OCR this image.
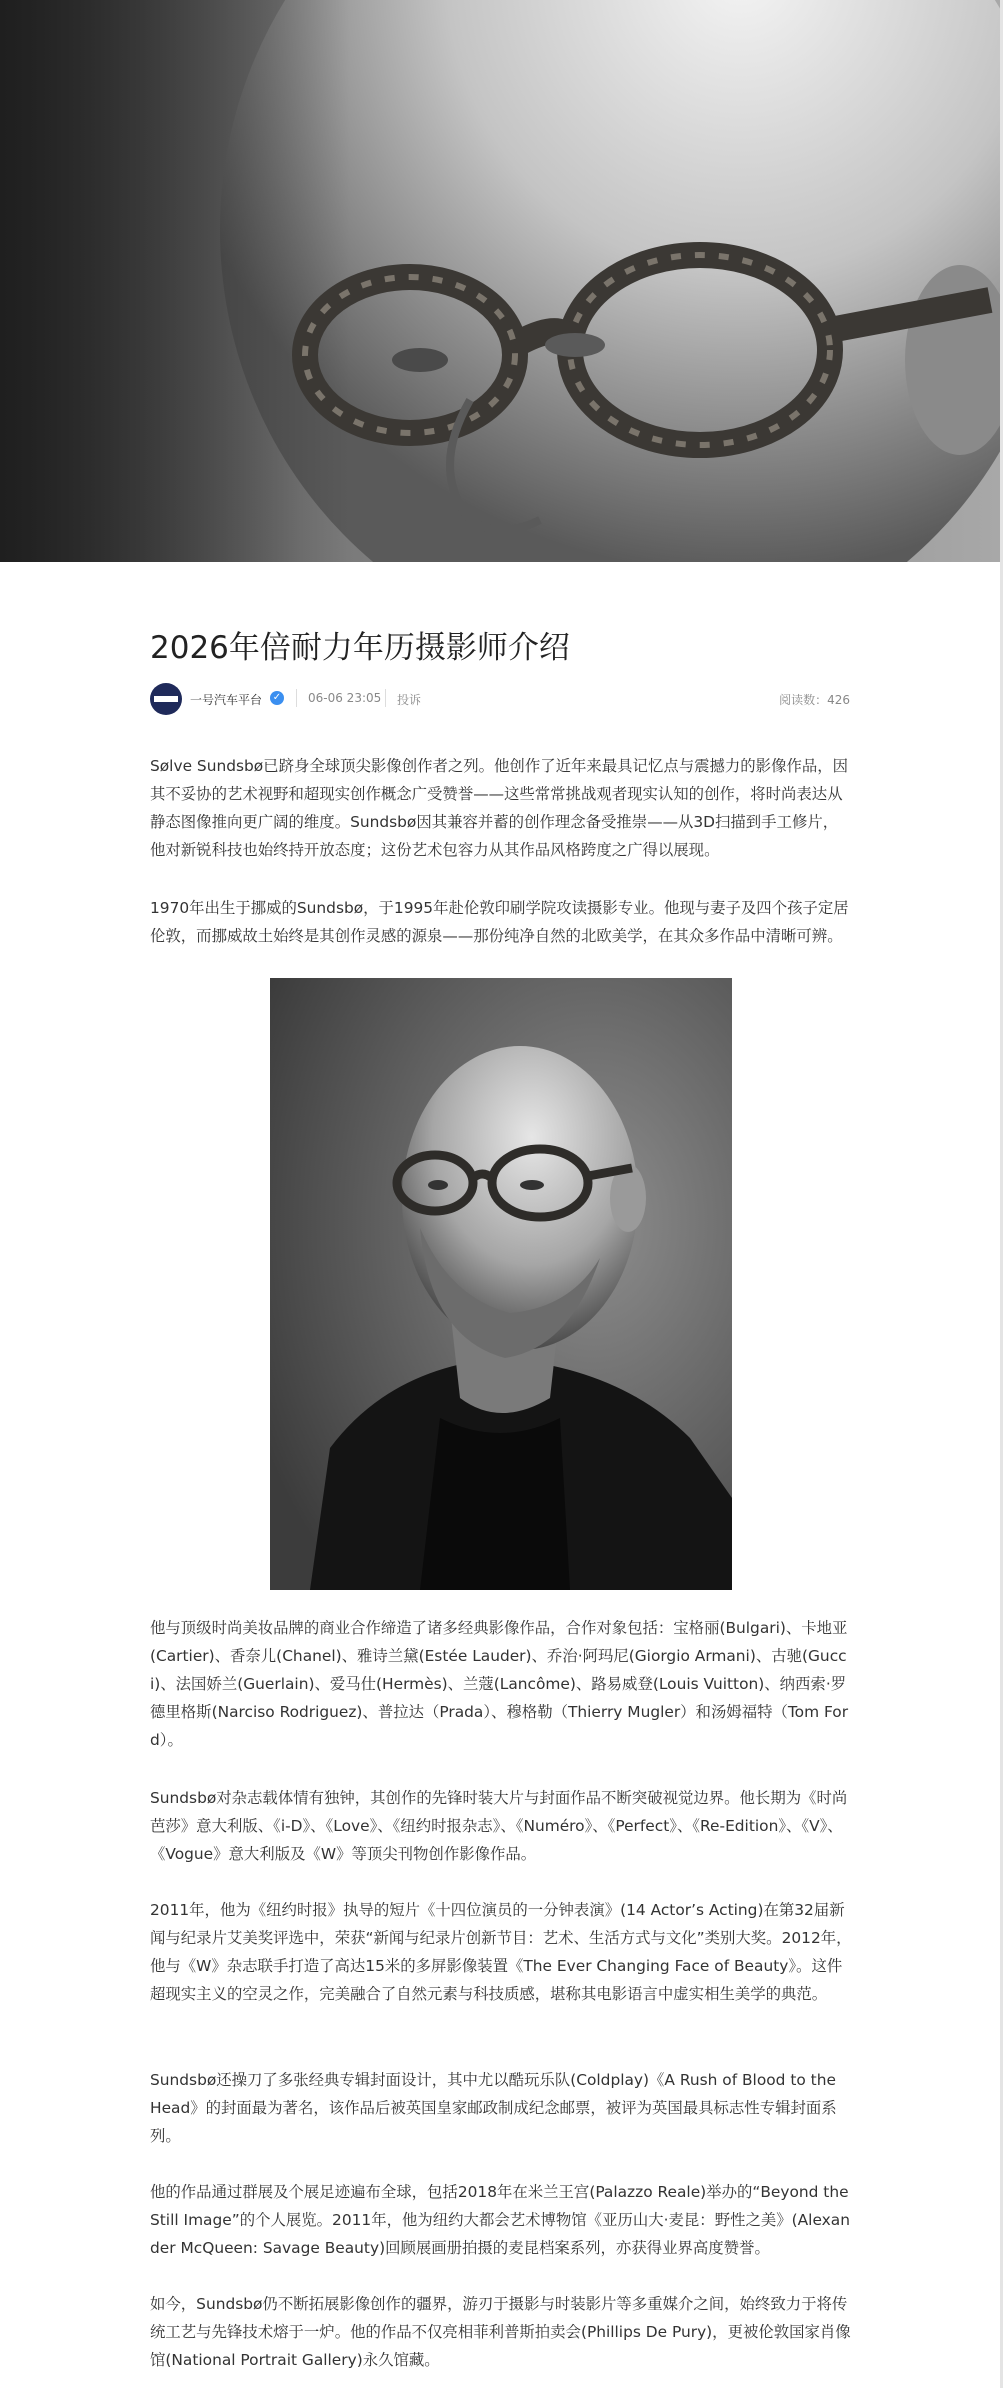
2026年倍耐力年历摄影师介绍
一号汽车平台 ✓ 06-06 23:05 投诉	阅读数：426

Sølve Sundsbø已跻身全球顶尖影像创作者之列。他创作了近年来最具记忆点与震撼力的影像作品，因其不妥协的艺术视野和超现实创作概念广受赞誉——这些常常挑战观者现实认知的创作，将时尚表达从静态图像推向更广阔的维度。Sundsbø因其兼容并蓄的创作理念备受推崇——从3D扫描到手工修片，他对新锐科技也始终持开放态度；这份艺术包容力从其作品风格跨度之广得以展现。

1970年出生于挪威的Sundsbø，于1995年赴伦敦印刷学院攻读摄影专业。他现与妻子及四个孩子定居伦敦，而挪威故土始终是其创作灵感的源泉——那份纯净自然的北欧美学，在其众多作品中清晰可辨。

他与顶级时尚美妆品牌的商业合作缔造了诸多经典影像作品，合作对象包括：宝格丽(Bulgari)、卡地亚(Cartier)、香奈儿(Chanel)、雅诗兰黛(Estée Lauder)、乔治·阿玛尼(Giorgio Armani)、古驰(Gucci)、法国娇兰(Guerlain)、爱马仕(Hermès)、兰蔻(Lancôme)、路易威登(Louis Vuitton)、纳西索·罗德里格斯(Narciso Rodriguez)、普拉达（Prada）、穆格勒（Thierry Mugler）和汤姆福特（Tom Ford）。

Sundsbø对杂志载体情有独钟，其创作的先锋时装大片与封面作品不断突破视觉边界。他长期为《时尚芭莎》意大利版、《i-D》、《Love》、《纽约时报杂志》、《Numéro》、《Perfect》、《Re-Edition》、《V》、《Vogue》意大利版及《W》等顶尖刊物创作影像作品。

2011年，他为《纽约时报》执导的短片《十四位演员的一分钟表演》(14 Actor’s Acting)在第32届新闻与纪录片艾美奖评选中，荣获“新闻与纪录片创新节目：艺术、生活方式与文化”类别大奖。2012年，他与《W》杂志联手打造了高达15米的多屏影像装置《The Ever Changing Face of Beauty》。这件超现实主义的空灵之作，完美融合了自然元素与科技质感，堪称其电影语言中虚实相生美学的典范。

Sundsbø还操刀了多张经典专辑封面设计，其中尤以酷玩乐队(Coldplay)《A Rush of Blood to the Head》的封面最为著名，该作品后被英国皇家邮政制成纪念邮票，被评为英国最具标志性专辑封面系列。

他的作品通过群展及个展足迹遍布全球，包括2018年在米兰王宫(Palazzo Reale)举办的“Beyond the Still Image”的个人展览。2011年，他为纽约大都会艺术博物馆《亚历山大·麦昆：野性之美》(Alexander McQueen: Savage Beauty)回顾展画册拍摄的麦昆档案系列，亦获得业界高度赞誉。

如今，Sundsbø仍不断拓展影像创作的疆界，游刃于摄影与时装影片等多重媒介之间，始终致力于将传统工艺与先锋技术熔于一炉。他的作品不仅亮相菲利普斯拍卖会(Phillips De Pury)，更被伦敦国家肖像馆(National Portrait Gallery)永久馆藏。
